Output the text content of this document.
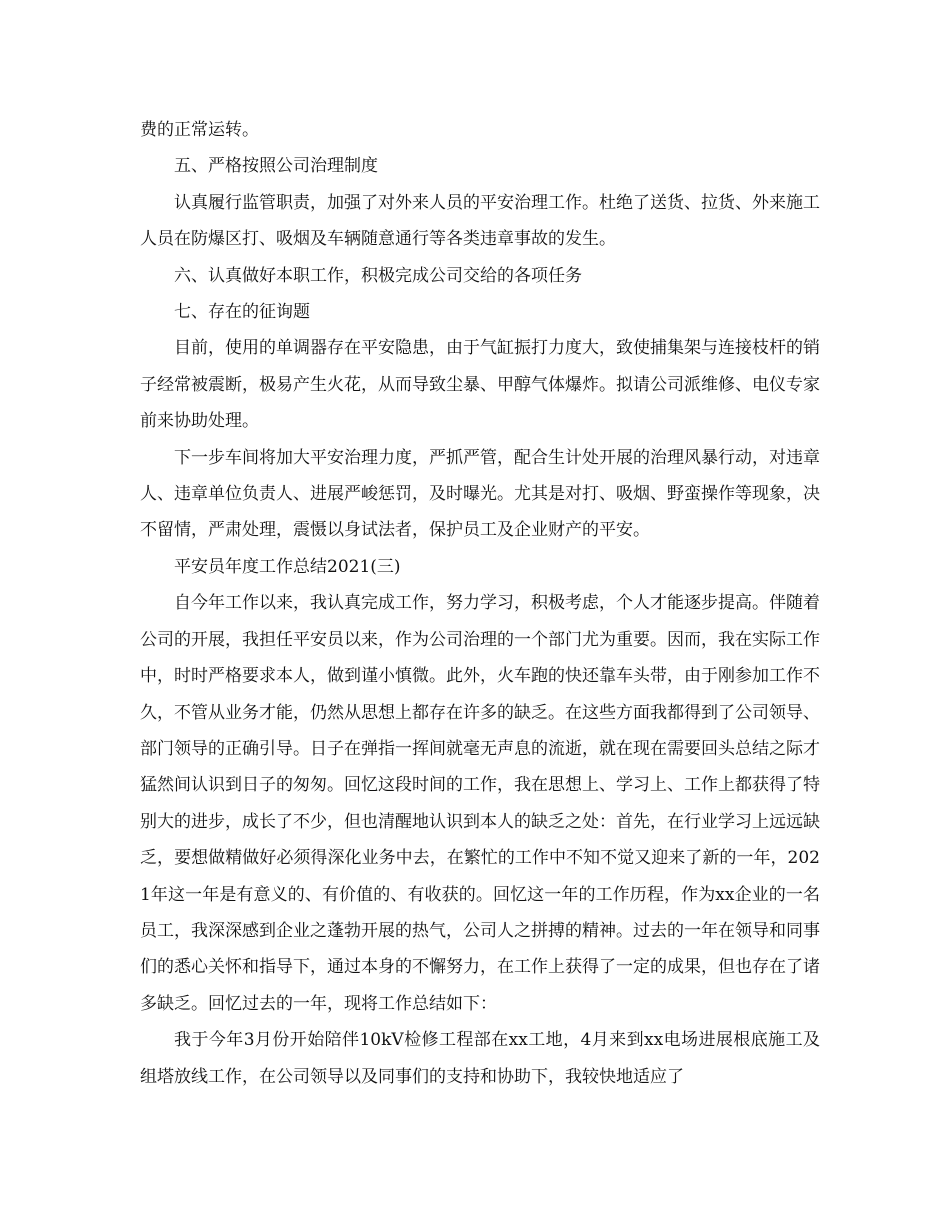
费的正常运转。

五、严格按照公司治理制度

认真履行监管职责，加强了对外来人员的平安治理工作。杜绝了送货、拉货、外来施工人员在防爆区打、吸烟及车辆随意通行等各类违章事故的发生。

六、认真做好本职工作，积极完成公司交给的各项任务

七、存在的征询题

目前，使用的单调器存在平安隐患，由于气缸振打力度大，致使捕集架与连接枝杆的销子经常被震断，极易产生火花，从而导致尘暴、甲醇气体爆炸。拟请公司派维修、电仪专家前来协助处理。

下一步车间将加大平安治理力度，严抓严管，配合生计处开展的治理风暴行动，对违章人、违章单位负责人、进展严峻惩罚，及时曝光。尤其是对打、吸烟、野蛮操作等现象，决不留情，严肃处理，震慑以身试法者，保护员工及企业财产的平安。

平安员年度工作总结2021(三)

自今年工作以来，我认真完成工作，努力学习，积极考虑，个人才能逐步提高。伴随着公司的开展，我担任平安员以来，作为公司治理的一个部门尤为重要。因而，我在实际工作中，时时严格要求本人，做到谨小慎微。此外，火车跑的快还靠车头带，由于刚参加工作不久，不管从业务才能，仍然从思想上都存在许多的缺乏。在这些方面我都得到了公司领导、部门领导的正确引导。日子在弹指一挥间就毫无声息的流逝，就在现在需要回头总结之际才猛然间认识到日子的匆匆。回忆这段时间的工作，我在思想上、学习上、工作上都获得了特别大的进步，成长了不少，但也清醒地认识到本人的缺乏之处：首先，在行业学习上远远缺乏，要想做精做好必须得深化业务中去，在繁忙的工作中不知不觉又迎来了新的一年，2021年这一年是有意义的、有价值的、有收获的。回忆这一年的工作历程，作为xx企业的一名员工，我深深感到企业之蓬勃开展的热气，公司人之拼搏的精神。过去的一年在领导和同事们的悉心关怀和指导下，通过本身的不懈努力，在工作上获得了一定的成果，但也存在了诸多缺乏。回忆过去的一年，现将工作总结如下：

我于今年3月份开始陪伴10kV检修工程部在xx工地，4月来到xx电场进展根底施工及组塔放线工作，在公司领导以及同事们的支持和协助下，我较快地适应了
